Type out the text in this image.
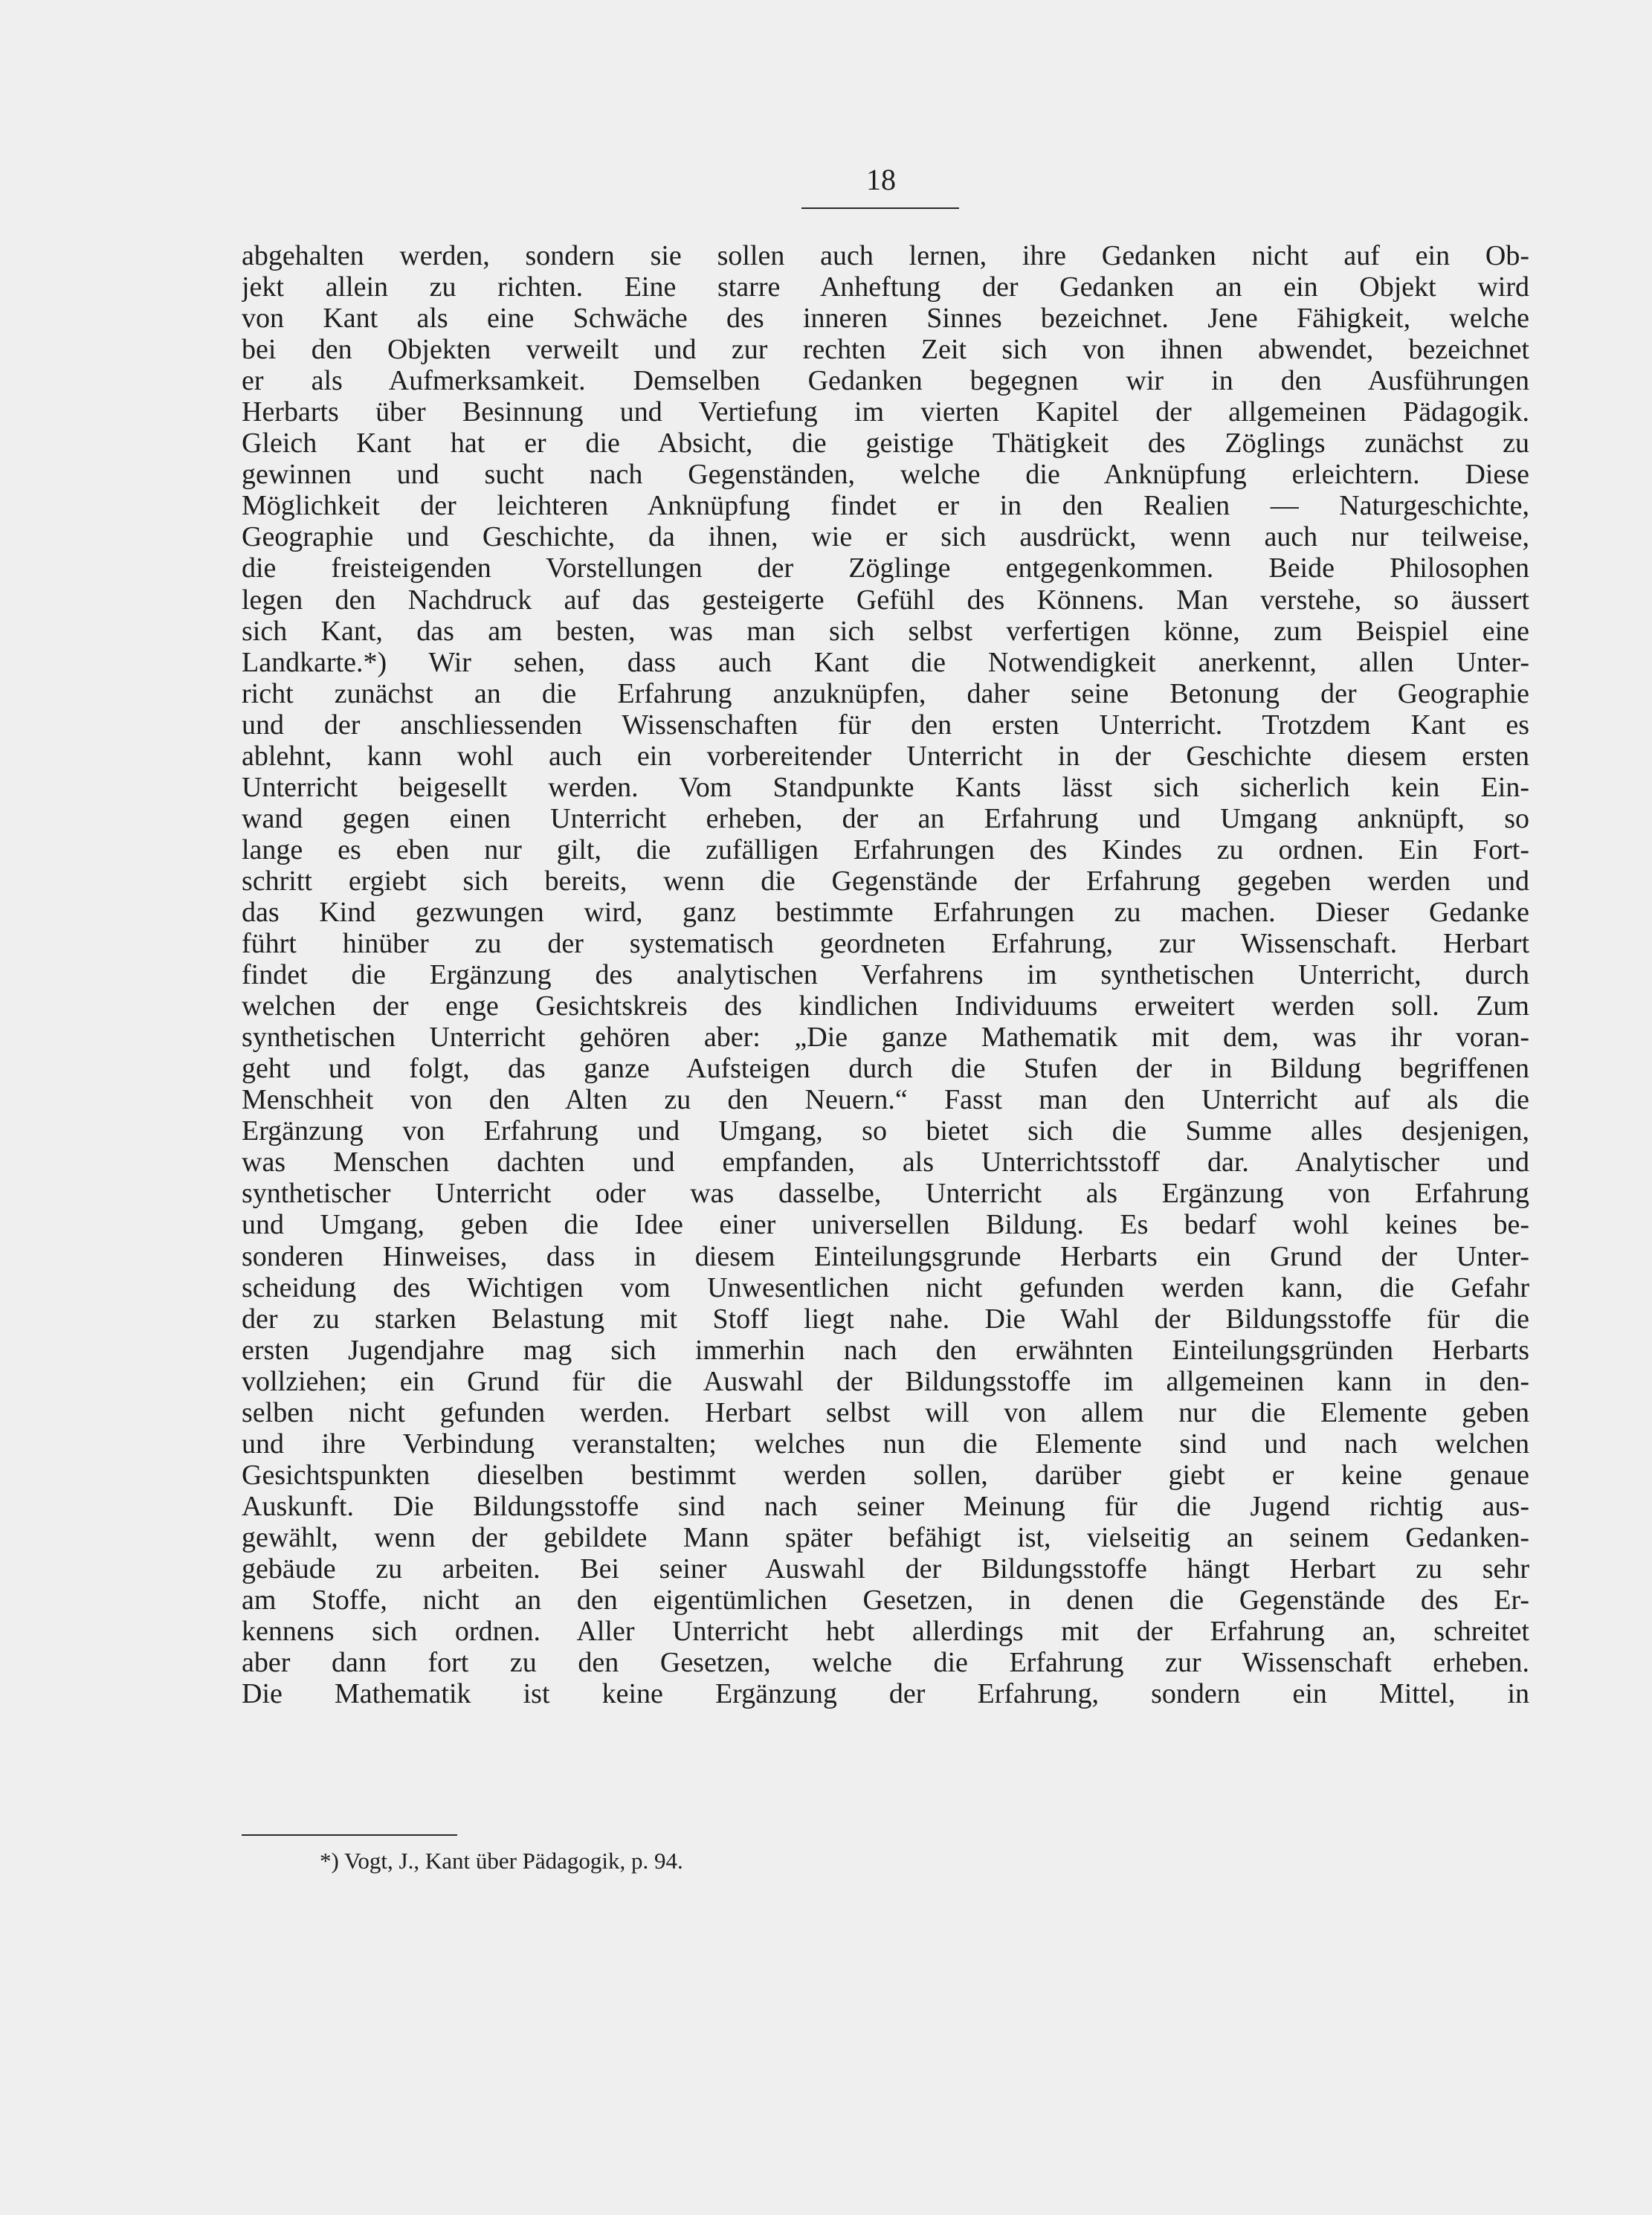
18
abgehalten werden, sondern sie sollen auch lernen, ihre Gedanken nicht auf ein Ob-
jekt allein zu richten. Eine starre Anheftung der Gedanken an ein Objekt wird
von Kant als eine Schwäche des inneren Sinnes bezeichnet. Jene Fähigkeit, welche
bei den Objekten verweilt und zur rechten Zeit sich von ihnen abwendet, bezeichnet
er als Aufmerksamkeit. Demselben Gedanken begegnen wir in den Ausführungen
Herbarts über Besinnung und Vertiefung im vierten Kapitel der allgemeinen Pädagogik.
Gleich Kant hat er die Absicht, die geistige Thätigkeit des Zöglings zunächst zu
gewinnen und sucht nach Gegenständen, welche die Anknüpfung erleichtern. Diese
Möglichkeit der leichteren Anknüpfung findet er in den Realien — Naturgeschichte,
Geographie und Geschichte, da ihnen, wie er sich ausdrückt, wenn auch nur teilweise,
die freisteigenden Vorstellungen der Zöglinge entgegenkommen. Beide Philosophen
legen den Nachdruck auf das gesteigerte Gefühl des Könnens. Man verstehe, so äussert
sich Kant, das am besten, was man sich selbst verfertigen könne, zum Beispiel eine
Landkarte.*) Wir sehen, dass auch Kant die Notwendigkeit anerkennt, allen Unter-
richt zunächst an die Erfahrung anzuknüpfen, daher seine Betonung der Geographie
und der anschliessenden Wissenschaften für den ersten Unterricht. Trotzdem Kant es
ablehnt, kann wohl auch ein vorbereitender Unterricht in der Geschichte diesem ersten
Unterricht beigesellt werden. Vom Standpunkte Kants lässt sich sicherlich kein Ein-
wand gegen einen Unterricht erheben, der an Erfahrung und Umgang anknüpft, so
lange es eben nur gilt, die zufälligen Erfahrungen des Kindes zu ordnen. Ein Fort-
schritt ergiebt sich bereits, wenn die Gegenstände der Erfahrung gegeben werden und
das Kind gezwungen wird, ganz bestimmte Erfahrungen zu machen. Dieser Gedanke
führt hinüber zu der systematisch geordneten Erfahrung, zur Wissenschaft. Herbart
findet die Ergänzung des analytischen Verfahrens im synthetischen Unterricht, durch
welchen der enge Gesichtskreis des kindlichen Individuums erweitert werden soll. Zum
synthetischen Unterricht gehören aber: „Die ganze Mathematik mit dem, was ihr voran-
geht und folgt, das ganze Aufsteigen durch die Stufen der in Bildung begriffenen
Menschheit von den Alten zu den Neuern.“ Fasst man den Unterricht auf als die
Ergänzung von Erfahrung und Umgang, so bietet sich die Summe alles desjenigen,
was Menschen dachten und empfanden, als Unterrichtsstoff dar. Analytischer und
synthetischer Unterricht oder was dasselbe, Unterricht als Ergänzung von Erfahrung
und Umgang, geben die Idee einer universellen Bildung. Es bedarf wohl keines be-
sonderen Hinweises, dass in diesem Einteilungsgrunde Herbarts ein Grund der Unter-
scheidung des Wichtigen vom Unwesentlichen nicht gefunden werden kann, die Gefahr
der zu starken Belastung mit Stoff liegt nahe. Die Wahl der Bildungsstoffe für die
ersten Jugendjahre mag sich immerhin nach den erwähnten Einteilungsgründen Herbarts
vollziehen; ein Grund für die Auswahl der Bildungsstoffe im allgemeinen kann in den-
selben nicht gefunden werden. Herbart selbst will von allem nur die Elemente geben
und ihre Verbindung veranstalten; welches nun die Elemente sind und nach welchen
Gesichtspunkten dieselben bestimmt werden sollen, darüber giebt er keine genaue
Auskunft. Die Bildungsstoffe sind nach seiner Meinung für die Jugend richtig aus-
gewählt, wenn der gebildete Mann später befähigt ist, vielseitig an seinem Gedanken-
gebäude zu arbeiten. Bei seiner Auswahl der Bildungsstoffe hängt Herbart zu sehr
am Stoffe, nicht an den eigentümlichen Gesetzen, in denen die Gegenstände des Er-
kennens sich ordnen. Aller Unterricht hebt allerdings mit der Erfahrung an, schreitet
aber dann fort zu den Gesetzen, welche die Erfahrung zur Wissenschaft erheben.
Die Mathematik ist keine Ergänzung der Erfahrung, sondern ein Mittel, in
*) Vogt, J., Kant über Pädagogik, p. 94.
